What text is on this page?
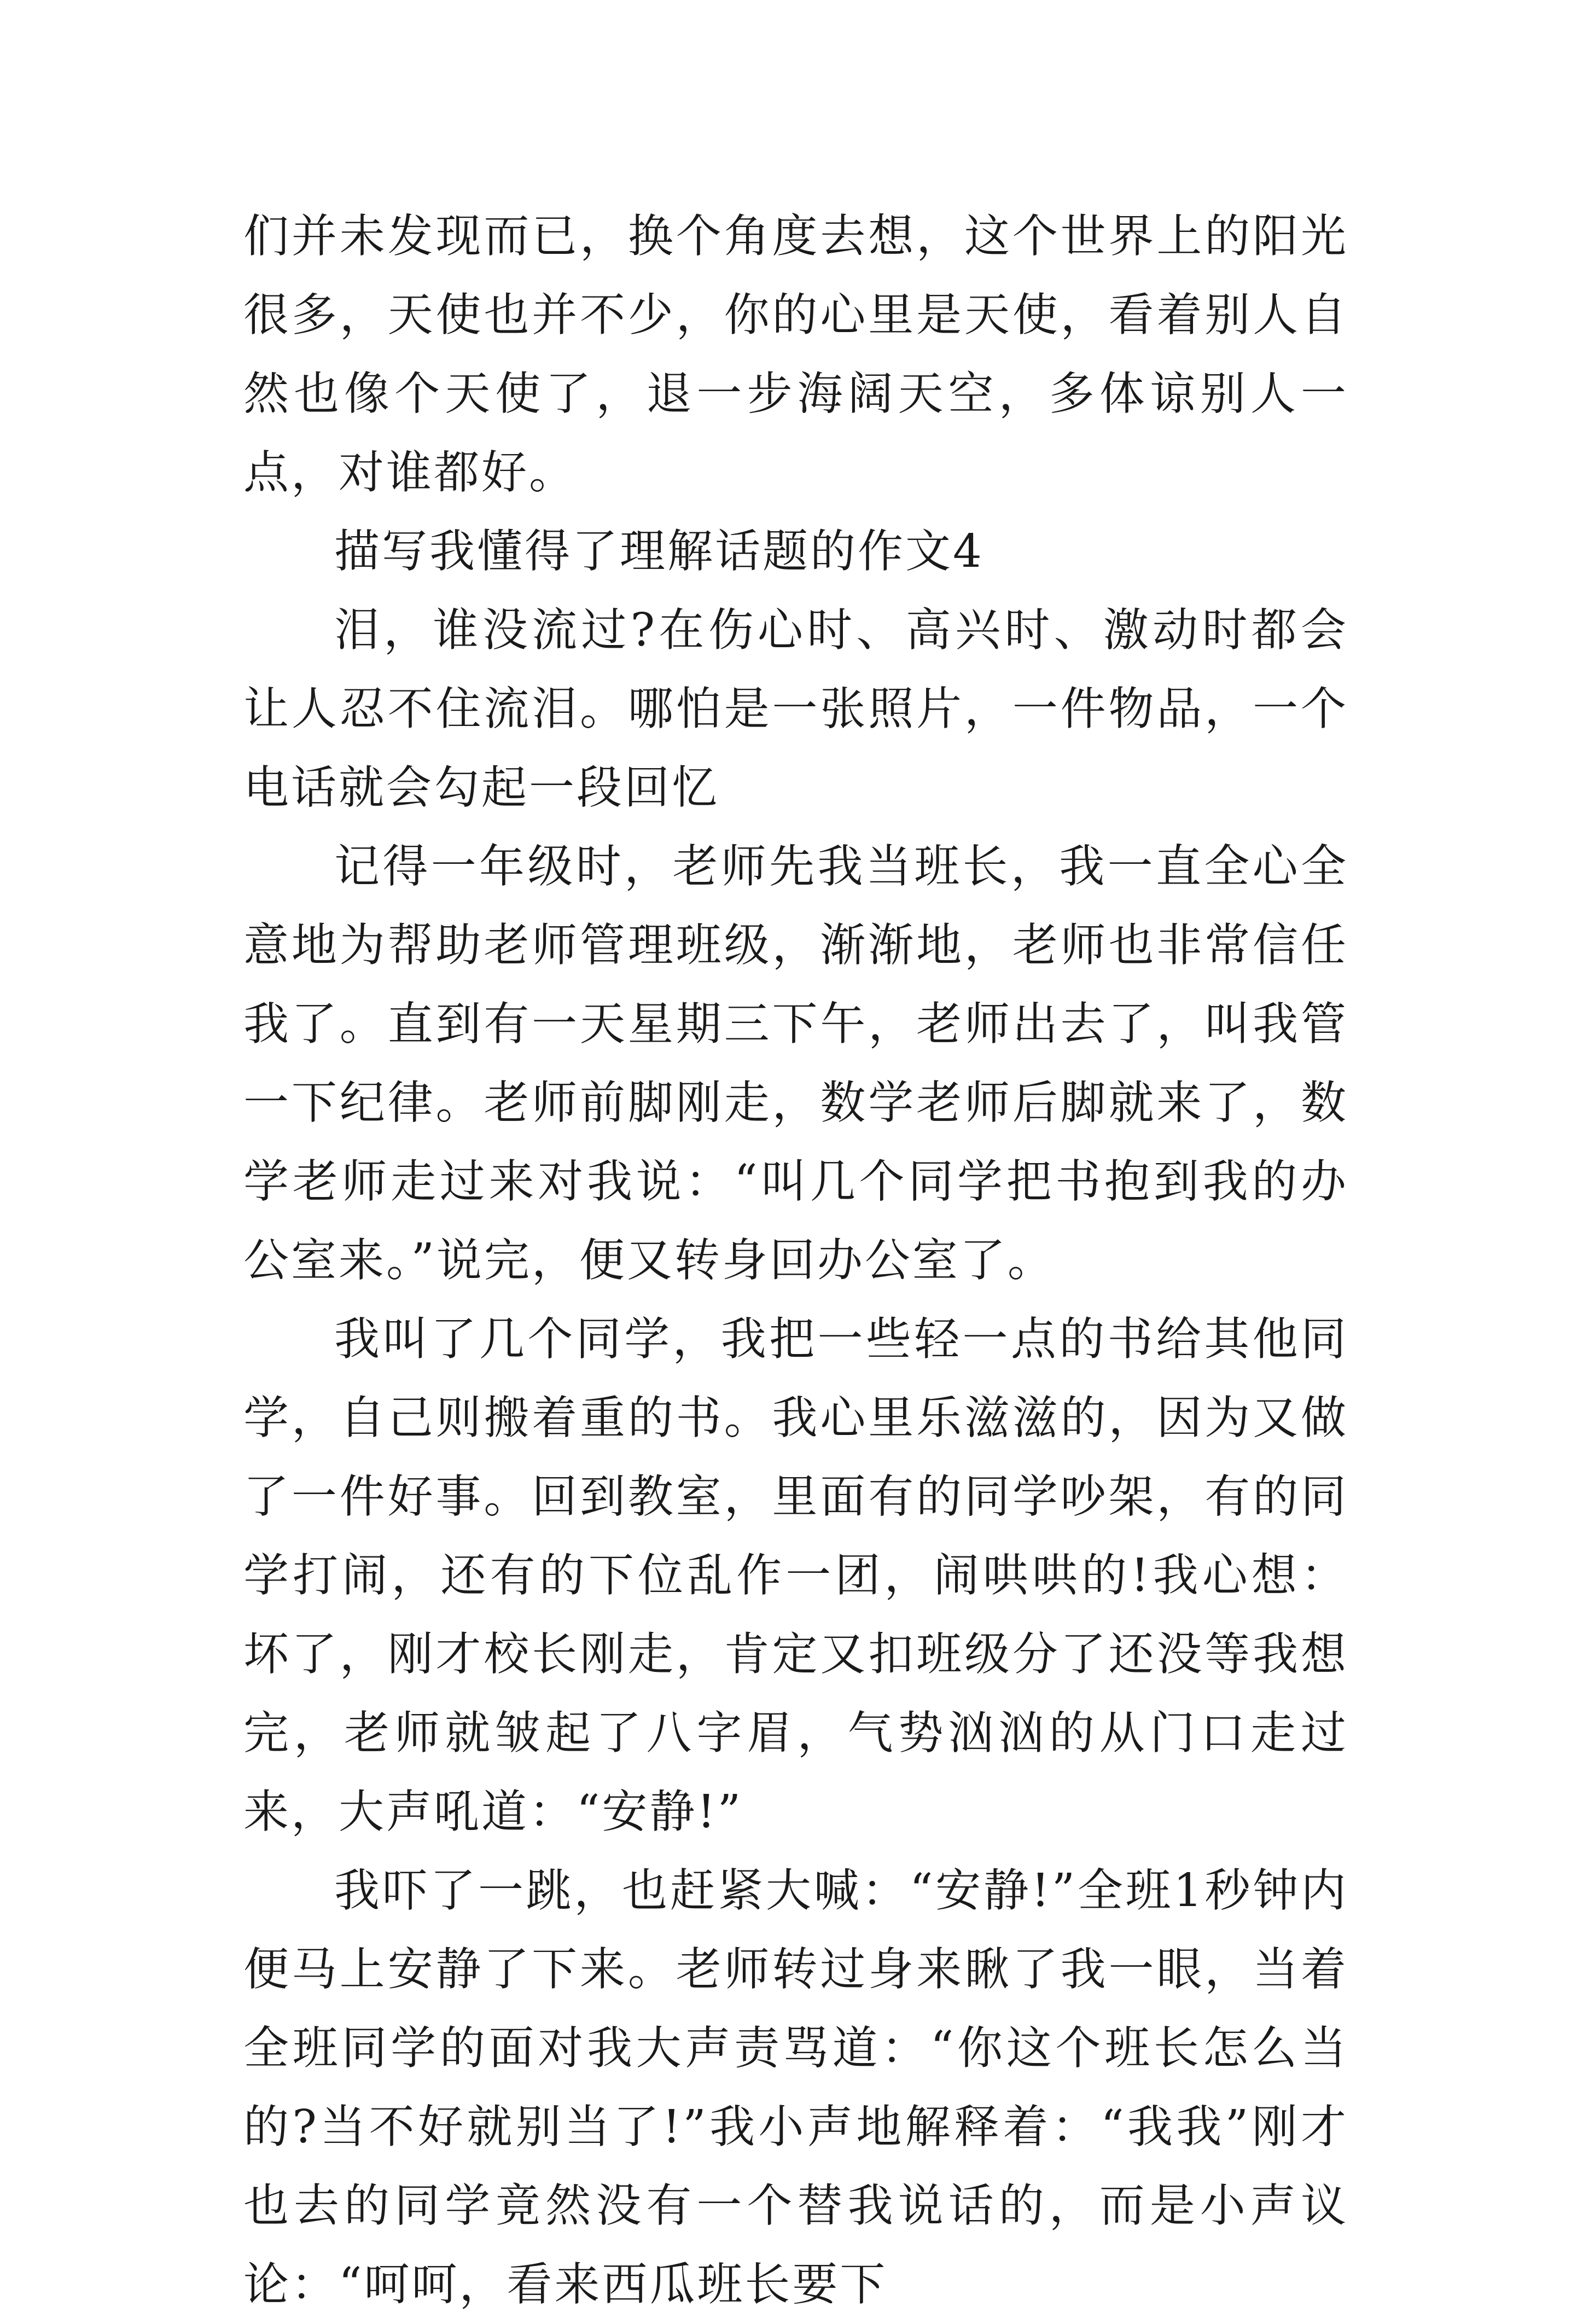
们并未发现而已，换个角度去想，这个世界上的阳光很多，天使也并不少，你的心里是天使，看着别人自然也像个天使了，退一步海阔天空，多体谅别人一点，对谁都好。

描写我懂得了理解话题的作文4

泪，谁没流过?在伤心时、高兴时、激动时都会让人忍不住流泪。哪怕是一张照片，一件物品，一个电话就会勾起一段回忆

记得一年级时，老师先我当班长，我一直全心全意地为帮助老师管理班级，渐渐地，老师也非常信任我了。直到有一天星期三下午，老师出去了，叫我管一下纪律。老师前脚刚走，数学老师后脚就来了，数学老师走过来对我说：“叫几个同学把书抱到我的办公室来。”说完，便又转身回办公室了。

我叫了几个同学，我把一些轻一点的书给其他同学，自己则搬着重的书。我心里乐滋滋的，因为又做了一件好事。回到教室，里面有的同学吵架，有的同学打闹，还有的下位乱作一团，闹哄哄的!我心想：坏了，刚才校长刚走，肯定又扣班级分了还没等我想完，老师就皱起了八字眉，气势汹汹的从门口走过来，大声吼道：“安静!”

我吓了一跳，也赶紧大喊：“安静!”全班1秒钟内便马上安静了下来。老师转过身来瞅了我一眼，当着全班同学的面对我大声责骂道：“你这个班长怎么当的?当不好就别当了!”我小声地解释着：“我我”刚才也去的同学竟然没有一个替我说话的，而是小声议论：“呵呵，看来西瓜班长要下
